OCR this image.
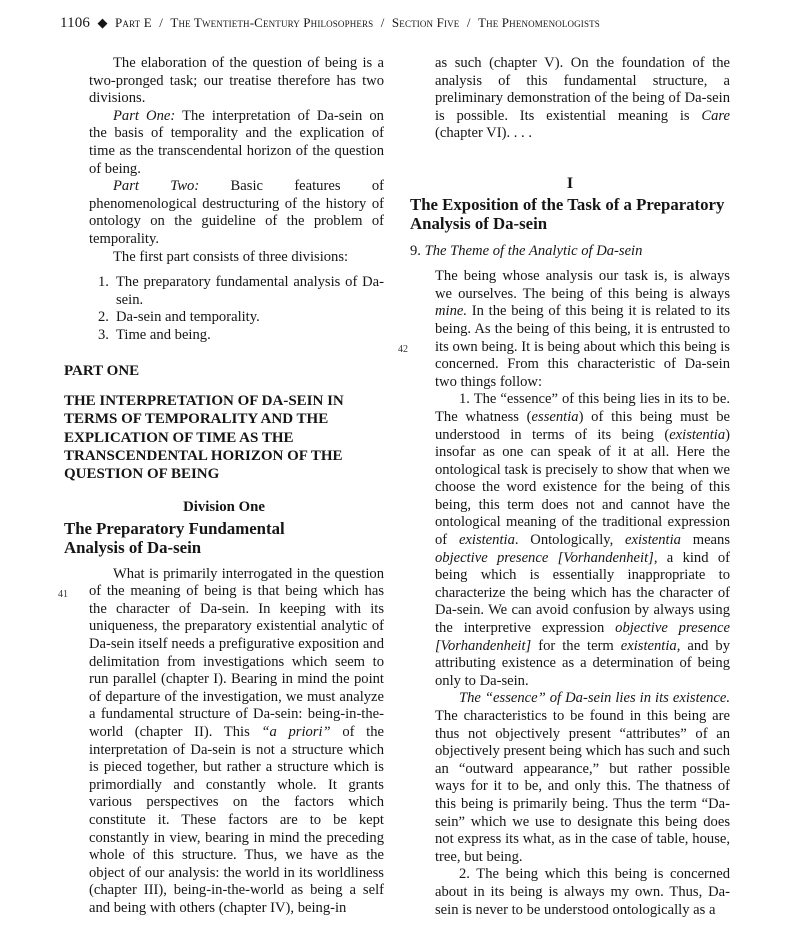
1106 ◆ Part E / The Twentieth-Century Philosophers / Section Five / The Phenomenologists

The elaboration of the question of being is a two-pronged task; our treatise therefore has two divisions.

Part One: The interpretation of Da-sein on the basis of temporality and the explication of time as the transcendental horizon of the question of being.

Part Two: Basic features of phenomenological destructuring of the history of ontology on the guideline of the problem of temporality.

The first part consists of three divisions:

1. The preparatory fundamental analysis of Da-sein.
2. Da-sein and temporality.
3. Time and being.
PART ONE
THE INTERPRETATION OF DA-SEIN IN TERMS OF TEMPORALITY AND THE EXPLICATION OF TIME AS THE TRANSCENDENTAL HORIZON OF THE QUESTION OF BEING
Division One
The Preparatory Fundamental Analysis of Da-sein
41

What is primarily interrogated in the question of the meaning of being is that being which has the character of Da-sein. In keeping with its uniqueness, the preparatory existential analytic of Da-sein itself needs a prefigurative exposition and delimitation from investigations which seem to run parallel (chapter I). Bearing in mind the point of departure of the investigation, we must analyze a fundamental structure of Da-sein: being-in-the-world (chapter II). This “a priori” of the interpretation of Da-sein is not a structure which is pieced together, but rather a structure which is primordially and constantly whole. It grants various perspectives on the factors which constitute it. These factors are to be kept constantly in view, bearing in mind the preceding whole of this structure. Thus, we have as the object of our analysis: the world in its worldliness (chapter III), being-in-the-world as being a self and being with others (chapter IV), being-in

as such (chapter V). On the foundation of the analysis of this fundamental structure, a preliminary demonstration of the being of Da-sein is possible. Its existential meaning is Care (chapter VI). . . .

I
The Exposition of the Task of a Preparatory Analysis of Da-sein
9. The Theme of the Analytic of Da-sein
42

The being whose analysis our task is, is always we ourselves. The being of this being is always mine. In the being of this being it is related to its being. As the being of this being, it is entrusted to its own being. It is being about which this being is concerned. From this characteristic of Da-sein two things follow:

1. The “essence” of this being lies in its to be. The whatness (essentia) of this being must be understood in terms of its being (existentia) insofar as one can speak of it at all. Here the ontological task is precisely to show that when we choose the word existence for the being of this being, this term does not and cannot have the ontological meaning of the traditional expression of existentia. Ontologically, existentia means objective presence [Vorhandenheit], a kind of being which is essentially inappropriate to characterize the being which has the character of Da-sein. We can avoid confusion by always using the interpretive expression objective presence [Vorhandenheit] for the term existentia, and by attributing existence as a determination of being only to Da-sein.

The “essence” of Da-sein lies in its existence. The characteristics to be found in this being are thus not objectively present “attributes” of an objectively present being which has such and such an “outward appearance,” but rather possible ways for it to be, and only this. The thatness of this being is primarily being. Thus the term “Da-sein” which we use to designate this being does not express its what, as in the case of table, house, tree, but being.

2. The being which this being is concerned about in its being is always my own. Thus, Da-sein is never to be understood ontologically as a
